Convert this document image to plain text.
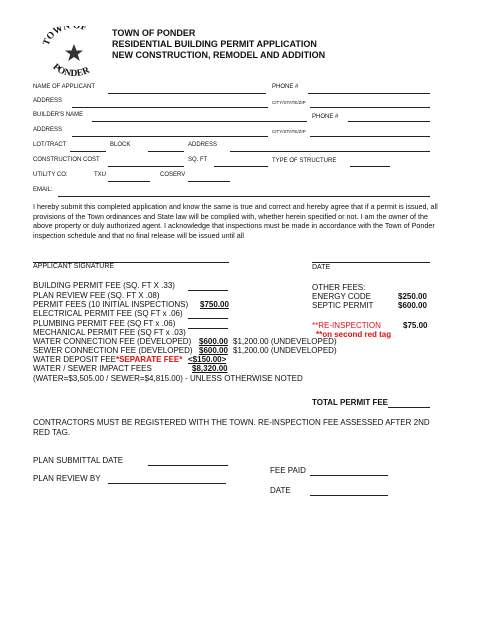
TOWN OF
PONDER
TOWN OF PONDER
RESIDENTIAL BUILDING PERMIT APPLICATION
NEW CONSTRUCTION, REMODEL AND ADDITION
NAME OF APPLICANT	PHONE #
ADDRESS	CITY/STATE/ZIP
BUILDER'S NAME	PHONE #
ADDRESS	CITY/STATE/ZIP
LOT/TRACT	BLOCK	ADDRESS
CONSTRUCTION COST	SQ. FT	TYPE OF STRUCTURE
UTILITY CO:	TXU	COSERV
EMAIL:
I hereby submit this completed application and know the same is true and correct and hereby agree that if a permit is issued, all provisions of the Town ordinances and State law will be complied with, whether herein specified or not. I am the owner of the above property or duly authorized agent. I acknowledge that inspections must be made in accordance with the Town of Ponder inspection schedule and that no final release will be issued until all
APPLICANT SIGNATURE	DATE
BUILDING PERMIT FEE (SQ. FT X .33)
PLAN REVIEW FEE (SQ. FT X .08)
PERMIT FEES (10 INITIAL INSPECTIONS) $750.00
ELECTRICAL PERMIT FEE (SQ FT x .06)
PLUMBING PERMIT FEE (SQ FT x .06)
MECHANICAL PERMIT FEE (SQ FT x .03)
WATER CONNECTION FEE (DEVELOPED) $600.00 $1,200.00 (UNDEVELOPED)
SEWER CONNECTION FEE (DEVELOPED) $600.00 $1,200.00 (UNDEVELOPED)
WATER DEPOSIT FEE*SEPARATE FEE* <$150.00>
WATER / SEWER IMPACT FEES	$8,320.00
(WATER=$3,505.00 / SEWER=$4,815.00) - UNLESS OTHERWISE NOTED
OTHER FEES:
ENERGY CODE	$250.00
SEPTIC PERMIT	$600.00
**RE-INSPECTION	$75.00
**on second red tag
TOTAL PERMIT FEE
CONTRACTORS MUST BE REGISTERED WITH THE TOWN. RE-INSPECTION FEE ASSESSED AFTER 2ND RED TAG.
PLAN SUBMITTAL DATE
FEE PAID
PLAN REVIEW BY
DATE
